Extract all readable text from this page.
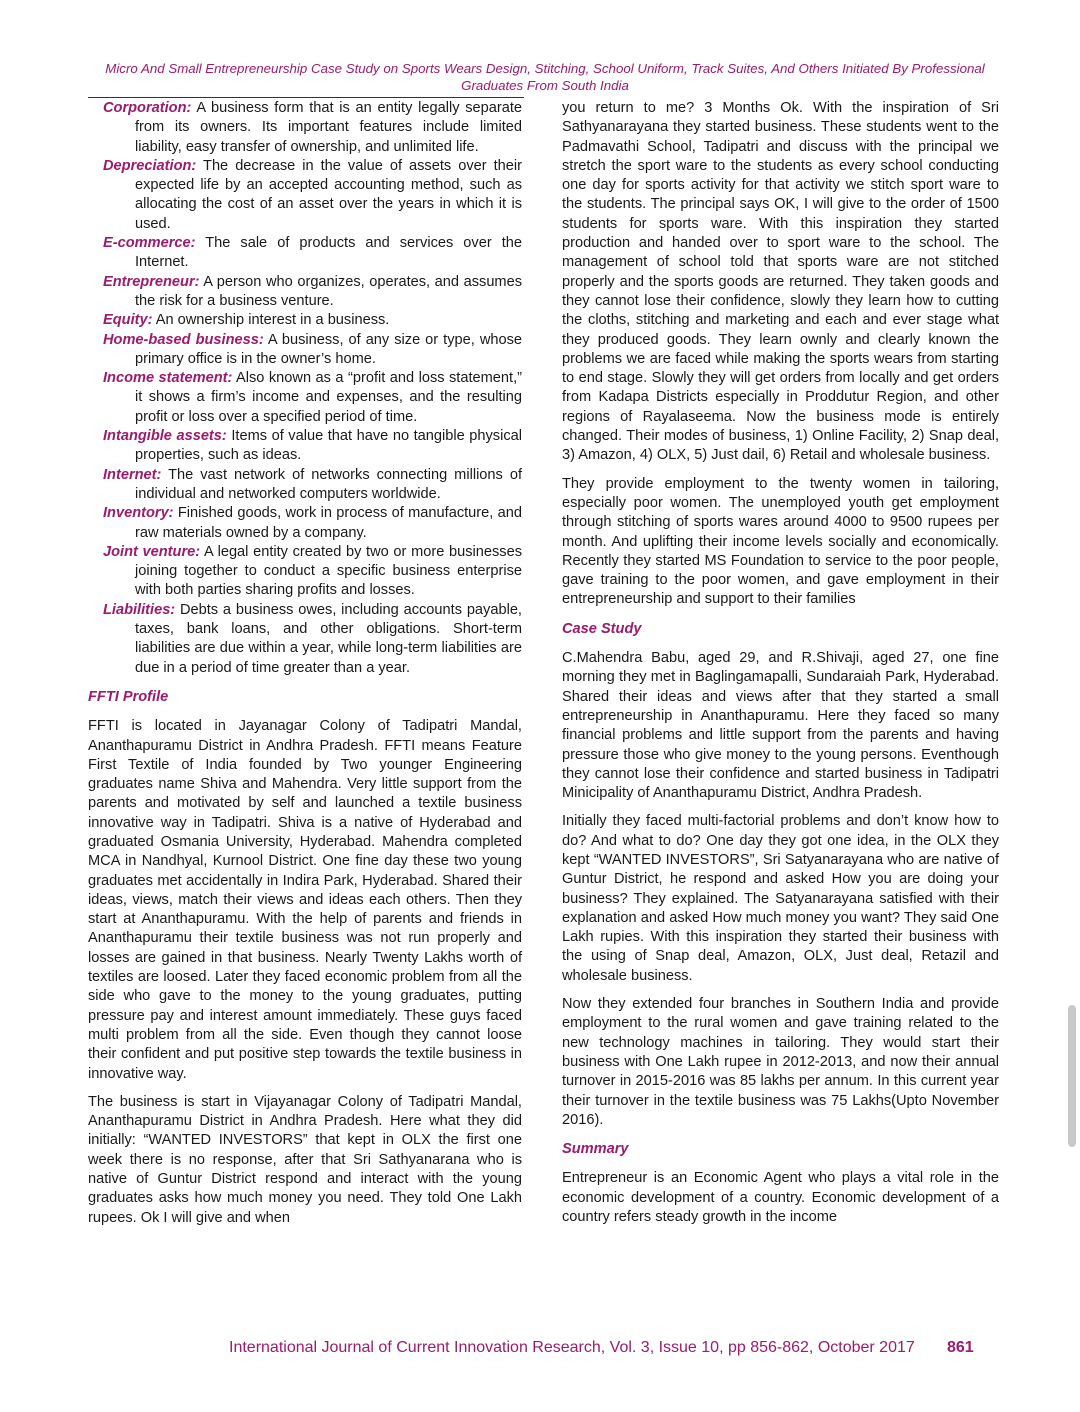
Micro And Small Entrepreneurship Case Study on Sports Wears Design, Stitching, School Uniform, Track Suites, And Others Initiated By Professional Graduates From South India

Corporation: A business form that is an entity legally separate from its owners. Its important features include limited liability, easy transfer of ownership, and unlimited life.

Depreciation: The decrease in the value of assets over their expected life by an accepted accounting method, such as allocating the cost of an asset over the years in which it is used.

E-commerce: The sale of products and services over the Internet.

Entrepreneur: A person who organizes, operates, and assumes the risk for a business venture.

Equity: An ownership interest in a business.

Home-based business: A business, of any size or type, whose primary office is in the owner’s home.

Income statement: Also known as a “profit and loss statement,” it shows a firm’s income and expenses, and the resulting profit or loss over a specified period of time.

Intangible assets: Items of value that have no tangible physical properties, such as ideas.

Internet: The vast network of networks connecting millions of individual and networked computers worldwide.

Inventory: Finished goods, work in process of manufacture, and raw materials owned by a company.

Joint venture: A legal entity created by two or more businesses joining together to conduct a specific business enterprise with both parties sharing profits and losses.

Liabilities: Debts a business owes, including accounts payable, taxes, bank loans, and other obligations. Short-term liabilities are due within a year, while long-term liabilities are due in a period of time greater than a year.

FFTI Profile

FFTI is located in Jayanagar Colony of Tadipatri Mandal, Ananthapuramu District in Andhra Pradesh. FFTI means Feature First Textile of India founded by Two younger Engineering graduates name Shiva and Mahendra. Very little support from the parents and motivated by self and launched a textile business innovative way in Tadipatri. Shiva is a native of Hyderabad and graduated Osmania University, Hyderabad. Mahendra completed MCA in Nandhyal, Kurnool District. One fine day these two young graduates met accidentally in Indira Park, Hyderabad. Shared their ideas, views, match their views and ideas each others. Then they start at Ananthapuramu. With the help of parents and friends in Ananthapuramu their textile business was not run properly and losses are gained in that business. Nearly Twenty Lakhs worth of textiles are loosed. Later they faced economic problem from all the side who gave to the money to the young graduates, putting pressure pay and interest amount immediately. These guys faced multi problem from all the side. Even though they cannot loose their confident and put positive step towards the textile business in innovative way.

The business is start in Vijayanagar Colony of Tadipatri Mandal, Ananthapuramu District in Andhra Pradesh. Here what they did initially: “WANTED INVESTORS” that kept in OLX the first one week there is no response, after that Sri Sathyanarana who is native of Guntur District respond and interact with the young graduates asks how much money you need. They told One Lakh rupees. Ok I will give and when

you return to me? 3 Months Ok. With the inspiration of Sri Sathyanarayana they started business. These students went to the Padmavathi School, Tadipatri and discuss with the principal we stretch the sport ware to the students as every school conducting one day for sports activity for that activity we stitch sport ware to the students. The principal says OK, I will give to the order of 1500 students for sports ware. With this inspiration they started production and handed over to sport ware to the school. The management of school told that sports ware are not stitched properly and the sports goods are returned. They taken goods and they cannot lose their confidence, slowly they learn how to cutting the cloths, stitching and marketing and each and ever stage what they produced goods. They learn ownly and clearly known the problems we are faced while making the sports wears from starting to end stage. Slowly they will get orders from locally and get orders from Kadapa Districts especially in Proddutur Region, and other regions of Rayalaseema. Now the business mode is entirely changed. Their modes of business, 1) Online Facility, 2) Snap deal, 3) Amazon, 4) OLX, 5) Just dail, 6) Retail and wholesale business.

They provide employment to the twenty women in tailoring, especially poor women. The unemployed youth get employment through stitching of sports wares around 4000 to 9500 rupees per month. And uplifting their income levels socially and economically. Recently they started MS Foundation to service to the poor people, gave training to the poor women, and gave employment in their entrepreneurship and support to their families

Case Study

C.Mahendra Babu, aged 29, and R.Shivaji, aged 27, one fine morning they met in Baglingamapalli, Sundaraiah Park, Hyderabad. Shared their ideas and views after that they started a small entrepreneurship in Ananthapuramu. Here they faced so many financial problems and little support from the parents and having pressure those who give money to the young persons. Eventhough they cannot lose their confidence and started business in Tadipatri Minicipality of Ananthapuramu District, Andhra Pradesh.

Initially they faced multi-factorial problems and don’t know how to do? And what to do? One day they got one idea, in the OLX they kept “WANTED INVESTORS”, Sri Satyanarayana who are native of Guntur District, he respond and asked How you are doing your business? They explained. The Satyanarayana satisfied with their explanation and asked How much money you want? They said One Lakh rupies. With this inspiration they started their business with the using of Snap deal, Amazon, OLX, Just deal, Retazil and wholesale business.

Now they extended four branches in Southern India and provide employment to the rural women and gave training related to the new technology machines in tailoring. They would start their business with One Lakh rupee in 2012-2013, and now their annual turnover in 2015-2016 was 85 lakhs per annum. In this current year their turnover in the textile business was 75 Lakhs(Upto November 2016).

Summary

Entrepreneur is an Economic Agent who plays a vital role in the economic development of a country. Economic development of a country refers steady growth in the income

International Journal of Current Innovation Research, Vol. 3, Issue 10, pp 856-862, October 2017 861
